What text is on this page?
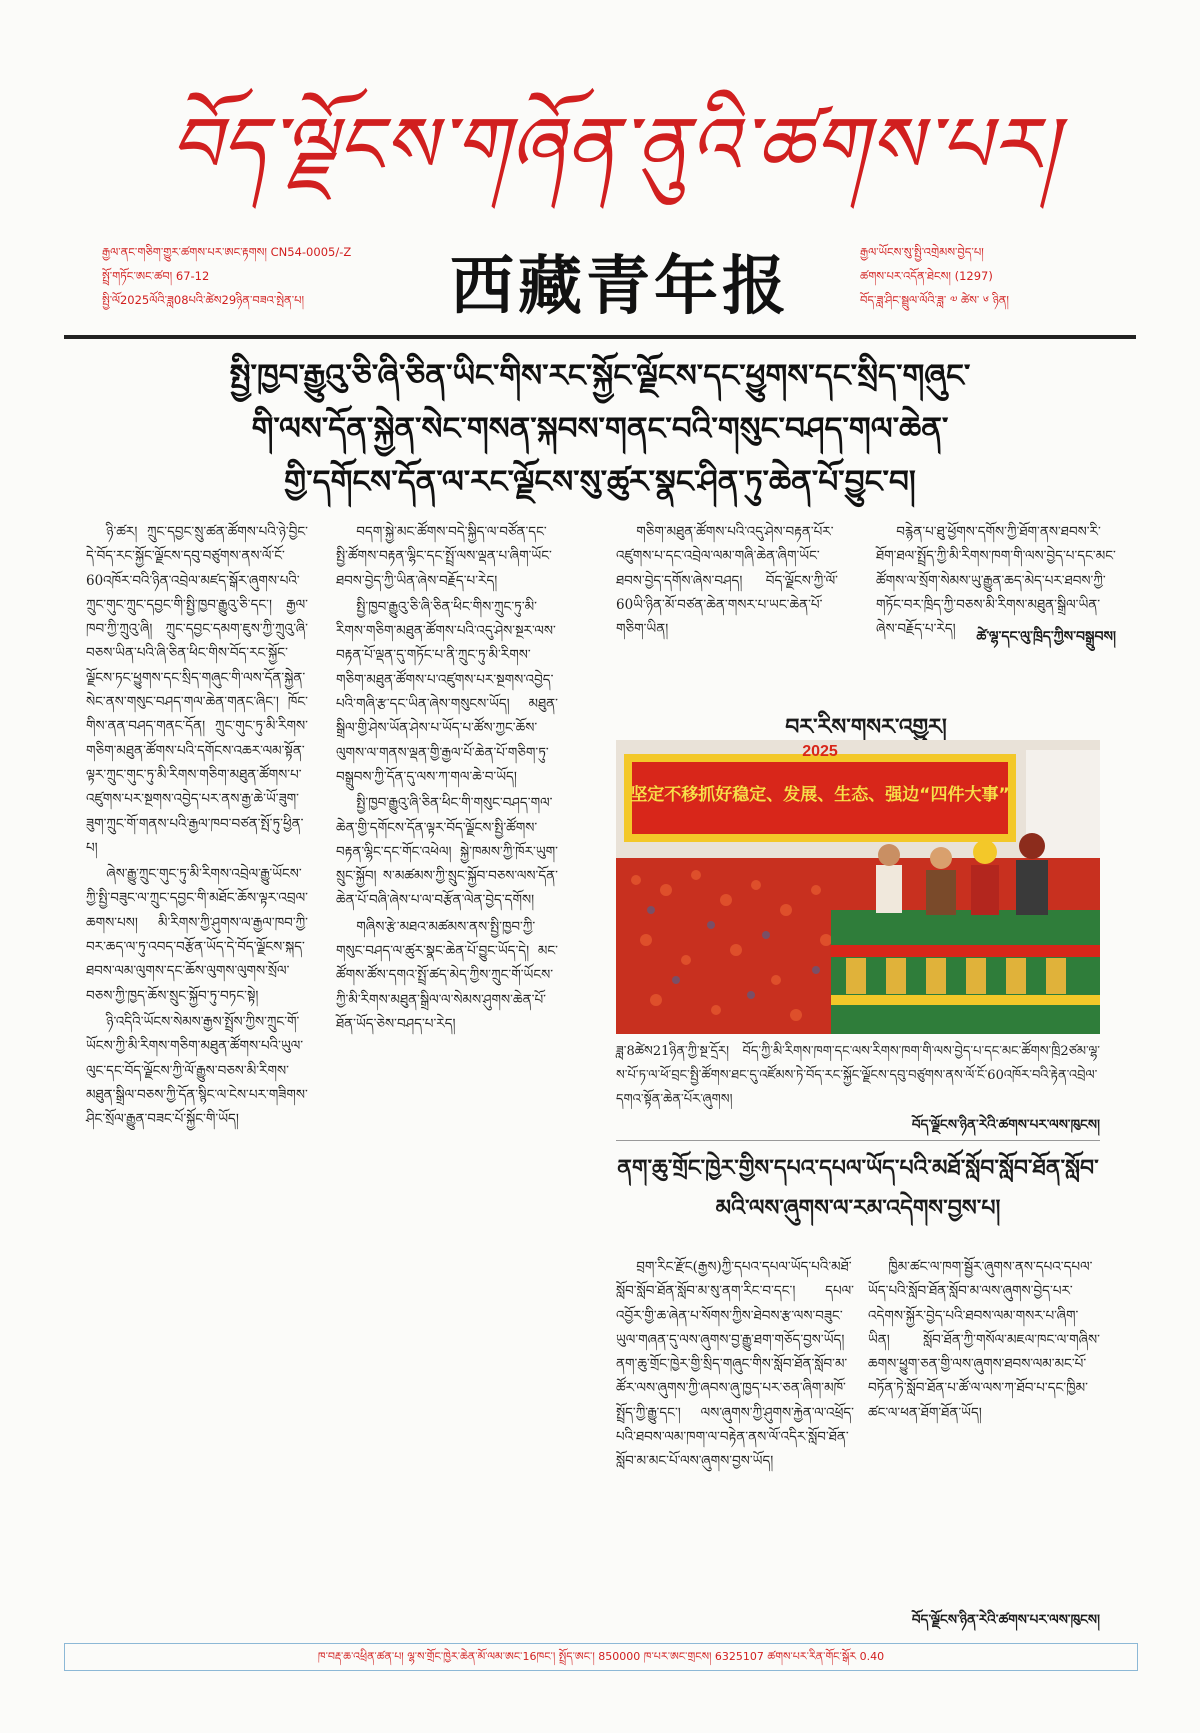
བོད་ལྗོངས་གཞོན་ནུའི་ཚགས་པར།
རྒྱལ་ནང་གཅིག་གྱུར་ཚགས་པར་ཨང་རྟགས། CN54-0005/-Z
སྤྲོ་གཏོང་ཨང་ཚབ། 67-12
སྤྱི་ལོ2025ལོའི་ཟླ08པའི་ཚེས29ཉིན་བཟའ་སྤེན་པ།	西藏青年报	རྒྱལ་ཡོངས་སུ་སྤྱི་འགྲེམས་བྱེད་པ།
ཚགས་པར་འདོན་ཐེངས། (1297)
བོད་ཟླ་ཤིང་སྦྲུལ་ལོའི་ཟླ་ ༧ ཚེས་ ༦ ཉིན།
སྤྱི་ཁྱབ་རྒྱུའུ་ཅི་ཞི་ཅིན་ཡིང་གིས་རང་སྐྱོང་ལྗོངས་དང་ཕྱུགས་དང་སྲིད་གཞུང་
གི་ལས་དོན་སྐྱེན་སེང་གསན་སྐབས་གནང་བའི་གསུང་བཤད་གལ་ཆེན་
གྱི་དགོངས་དོན་ལ་རང་ལྗོངས་སུ་ཚུར་སྣང་ཤིན་ཏུ་ཆེན་པོ་བྱུང་བ།

ཉི་ཚར། ཀྲུང་དབྱང་སྲུ་ཚན་ཚོགས་པའི་ཉེ་བྱིང་དེ་བོད་རང་སྐྱོང་ལྗོངས་དབུ་བཙུགས་ནས་ལོ་ངོ་60འཁོར་བའི་ཉིན་འབྲེལ་མཛད་སྒོར་ཞུགས་པའི་ཀྲུང་གུང་ཀྲུང་དབྱང་གི་སྤྱི་ཁྱབ་རྒྱུའུ་ཅི་དང་། རྒྱལ་ཁབ་ཀྱི་ཀྲུའུ་ཞི། ཀྲུང་དབྱང་དམག་ཇུས་ཀྱི་ཀྲུའུ་ཞི་བཅས་ཡིན་པའི་ཞི་ཅིན་ཕིང་གིས་བོད་རང་སྐྱོང་ལྗོངས་ཏང་ཕྱུགས་དང་སྲིད་གཞུང་གི་ལས་དོན་སྐྱེན་སེང་ནས་གསུང་བཤད་གལ་ཆེན་གནང་ཞིང་། ཁོང་གིས་ནན་བཤད་གནང་དོན། ཀྲུང་གུང་ཏུ་མི་རིགས་གཅིག་མཐུན་ཚོགས་པའི་དགོངས་འཆར་ལམ་སྟོན་ལྟར་ཀྲུང་གུང་ཏུ་མི་རིགས་གཅིག་མཐུན་ཚོགས་པ་འཛུགས་པར་སྔགས་འབྱེད་པར་ནས་རྒྱ་ཆེ་ཡོ་ཟུག་ཟུག་ཀྲུང་གོ་གནས་པའི་རྒྱལ་ཁབ་བཙན་སྤོ་ཏུ་ཕྱིན་པ།

ཞེས་རྒྱུ་ཀྲུང་གུང་ཏུ་མི་རིགས་འབྲེལ་རྒྱུ་ཡོངས་ཀྱི་སྤྱི་བཟུང་ལ་ཀྲུང་དབྱང་གི་མཐོང་ཆོས་ལྟར་འབྲལ་ཆགས་པས། མི་རིགས་ཀྱི་ཤུགས་ལ་རྒྱལ་ཁབ་ཀྱི་བར་ཆད་ལ་ཏུ་འབད་བརྩོན་ཡོད་དེ་བོད་ལྗོངས་སྐད་ཐབས་ལམ་ལུགས་དང་ཆོས་ལུགས་ལུགས་སྲོལ་བཅས་ཀྱི་ཁྱད་ཆོས་སྲུང་སྐྱོབ་ཏུ་བཏང་སྟེ།

ཉི་འདིའི་ཡོངས་སེམས་རྒྱས་སྤྲོས་ཀྱིས་ཀྲུང་གོ་ཡོངས་ཀྱི་མི་རིགས་གཅིག་མཐུན་ཚོགས་པའི་ཡུལ་ལུང་དང་བོད་ལྗོངས་ཀྱི་ལོ་རྒྱུས་བཅས་མི་རིགས་མཐུན་སྒྲིལ་བཅས་ཀྱི་དོན་སྙིང་ལ་ངེས་པར་གཟིགས་ཤིང་སྲོལ་རྒྱུན་བཟང་པོ་སྐྱོང་གི་ཡོད།

བདག་སྐྱེ་མང་ཚོགས་བདེ་སྐྱིད་ལ་བཙོན་དང་སྤྱི་ཚོགས་བརྟན་ལྷིང་དང་སྤྲོ་ལས་ལྡན་པ་ཞིག་ཡོང་ཐབས་བྱེད་ཀྱི་ཡིན་ཞེས་བརྗོད་པ་རེད།

སྤྱི་ཁྱབ་རྒྱུའུ་ཅི་ཞི་ཅིན་ཕིང་གིས་ཀྲུང་ཏུ་མི་རིགས་གཅིག་མཐུན་ཚོགས་པའི་འདུ་ཤེས་སྔར་ལས་བརྟན་པོ་ལྡན་དུ་གཏོང་པ་ནི་ཀྲུང་ཏུ་མི་རིགས་གཅིག་མཐུན་ཚོགས་པ་འཛུགས་པར་སྔགས་འབྱེད་པའི་གཞི་རྩ་དང་ཡིན་ཞེས་གསུངས་ཡོད། མཐུན་སྒྲིལ་གྱི་ཤེས་ཡོན་ཤེས་པ་ཡོད་པ་ཚོས་ཀྱང་ཆོས་ལུགས་ལ་གནས་ལྡན་གྱི་རྒྱལ་པོ་ཆེན་པོ་གཅིག་ཏུ་བསྒྲུབས་ཀྱི་དོན་དུ་ལས་ཀ་གལ་ཆེ་བ་ཡོད།

སྤྱི་ཁྱབ་རྒྱུའུ་ཞི་ཅིན་ཕིང་གི་གསུང་བཤད་གལ་ཆེན་གྱི་དགོངས་དོན་ལྟར་བོད་ལྗོངས་སྤྱི་ཚོགས་བརྟན་ལྷིང་དང་གོང་འཕེལ། སྐྱེ་ཁམས་ཀྱི་ཁོར་ཡུག་སྲུང་སྐྱོབ། ས་མཚམས་ཀྱི་སྲུང་སྐྱོབ་བཅས་ལས་དོན་ཆེན་པོ་བཞི་ཞེས་པ་ལ་བརྩོན་ལེན་བྱེད་དགོས།

གཞིས་རྩེ་མཐའ་མཚམས་ནས་སྤྱི་ཁྱབ་ཀྱི་གསུང་བཤད་ལ་ཚུར་སྣང་ཆེན་པོ་བྱུང་ཡོད་དེ། མང་ཚོགས་ཚོས་དགའ་སྤྲོ་ཚད་མེད་ཀྱིས་ཀྲུང་གོ་ཡོངས་ཀྱི་མི་རིགས་མཐུན་སྒྲིལ་ལ་སེམས་ཤུགས་ཆེན་པོ་ཐོན་ཡོད་ཅེས་བཤད་པ་རེད།

གཅིག་མཐུན་ཚོགས་པའི་འདུ་ཤེས་བརྟན་པོར་འཛུགས་པ་དང་འབྲེལ་ལམ་གཞི་ཆེན་ཞིག་ཡོང་ཐབས་བྱེད་དགོས་ཞེས་བཤད། བོད་ལྗོངས་ཀྱི་ལོ་60ཡི་ཉིན་མོ་བཙན་ཆེན་གསར་པ་ཡང་ཆེན་པོ་གཅིག་ཡིན།

བརྙེན་པ་ཐུ་ཕྱོགས་དགོས་ཀྱི་ཐོག་ནས་ཐབས་རི་ཐོག་ཐལ་སྤྲོད་ཀྱི་མི་རིགས་ཁག་གི་ལས་བྱེད་པ་དང་མང་ཚོགས་ལ་སྲོག་སེམས་ཡུ་རྒྱུན་ཆད་མེད་པར་ཐབས་ཀྱི་གཏོང་བར་ཁྲིད་ཀྱི་བཅས་མི་རིགས་མཐུན་སྒྲིལ་ཡིན་ཞེས་བརྗོད་པ་རེད།	ཚེ་ལྷ་དང་ལུ་ཁྲིད་ཀྱིས་བསྒྲུབས།
བར་རིས་གསར་འགྱུར།
2025
坚定不移抓好稳定、发展、生态、强边“四件大事”
ཟླ་8ཚེས21ཉིན་ཀྱི་སྔ་དྲོར། བོད་ཀྱི་མི་རིགས་ཁག་དང་ལས་རིགས་ཁག་གི་ལས་བྱེད་པ་དང་མང་ཚོགས་ཁྲི2ཙམ་ལྷ་ས་པོ་ཏ་ལ་ཕོ་བྲང་སྤྱི་ཚོགས་ཐང་དུ་འཛོམས་ཏེ་བོད་རང་སྐྱོང་ལྗོངས་དབུ་བཙུགས་ནས་ལོ་ངོ་60འཁོར་བའི་རྟེན་འབྲེལ་དགའ་སྟོན་ཆེན་པོར་ཞུགས།
བོད་ལྗོངས་ཉིན་རེའི་ཚགས་པར་ལས་ཁུངས།
ནག་ཆུ་གྲོང་ཁྱེར་གྱིས་དཔའ་དཔལ་ཡོད་པའི་མཐོ་སློབ་སློབ་ཐོན་སློབ་མའི་ལས་ཞུགས་ལ་རམ་འདེགས་བྱས་པ།

བྲག་རིང་རྫོང(རྒྱས)ཀྱི་དཔའ་དཔལ་ཡོད་པའི་མཐོ་སློབ་སློབ་ཐོན་སློབ་མ་སུ་ནག་རིང་བ་དང་། དཔལ་འབྱོར་གྱི་ཆ་ཞེན་པ་སོགས་ཀྱིས་ཐེབས་རྩ་ལས་བཟུང་ཡུལ་གཞན་དུ་ལས་ཞུགས་བྱ་རྒྱུ་ཐག་གཅོད་བྱས་ཡོད། ནག་ཆུ་གྲོང་ཁྱེར་གྱི་སྲིད་གཞུང་གིས་སློབ་ཐོན་སློབ་མ་ཚོར་ལས་ཞུགས་ཀྱི་ཞབས་ཞུ་ཁྱད་པར་ཅན་ཞིག་མཁོ་སྤྲོད་ཀྱི་རྒྱུ་དང་། ལས་ཞུགས་ཀྱི་ཤུགས་རྐྱེན་ལ་འཕྲོད་པའི་ཐབས་ལམ་ཁག་ལ་བརྟེན་ནས་ལོ་འདིར་སློབ་ཐོན་སློབ་མ་མང་པོ་ལས་ཞུགས་བྱས་ཡོད།

ཁྱིམ་ཚང་ལ་ཁག་སྦྱོར་ཞུགས་ནས་དཔའ་དཔལ་ཡོད་པའི་སློབ་ཐོན་སློབ་མ་ལས་ཞུགས་བྱེད་པར་འདེགས་སྐྱོར་བྱེད་པའི་ཐབས་ལམ་གསར་པ་ཞིག་ཡིན། སློབ་ཐོན་ཀྱི་གསོལ་མཇལ་ཁང་ལ་གཞིས་ཆགས་ཕྱུག་ཅན་གྱི་ལས་ཞུགས་ཐབས་ལམ་མང་པོ་བཏོན་ཏེ་སློབ་ཐོན་པ་ཚོ་ལ་ལས་ཀ་ཐོབ་པ་དང་ཁྱིམ་ཚང་ལ་ཕན་ཐོག་ཐོན་ཡོད།

བོད་ལྗོངས་ཉིན་རེའི་ཚགས་པར་ལས་ཁུངས།
ཁ་བརྡ་ཆ་འཕྲིན་ཚན་པ། ལྷ་ས་གྲོང་ཁྱེར་ཆེན་མོ་ལམ་ཨང་16ཁང་། སྤྲོད་ཨང་། 850000 ཁ་པར་ཨང་གྲངས། 6325107 ཚགས་པར་རིན་གོང་སྒོར 0.40
